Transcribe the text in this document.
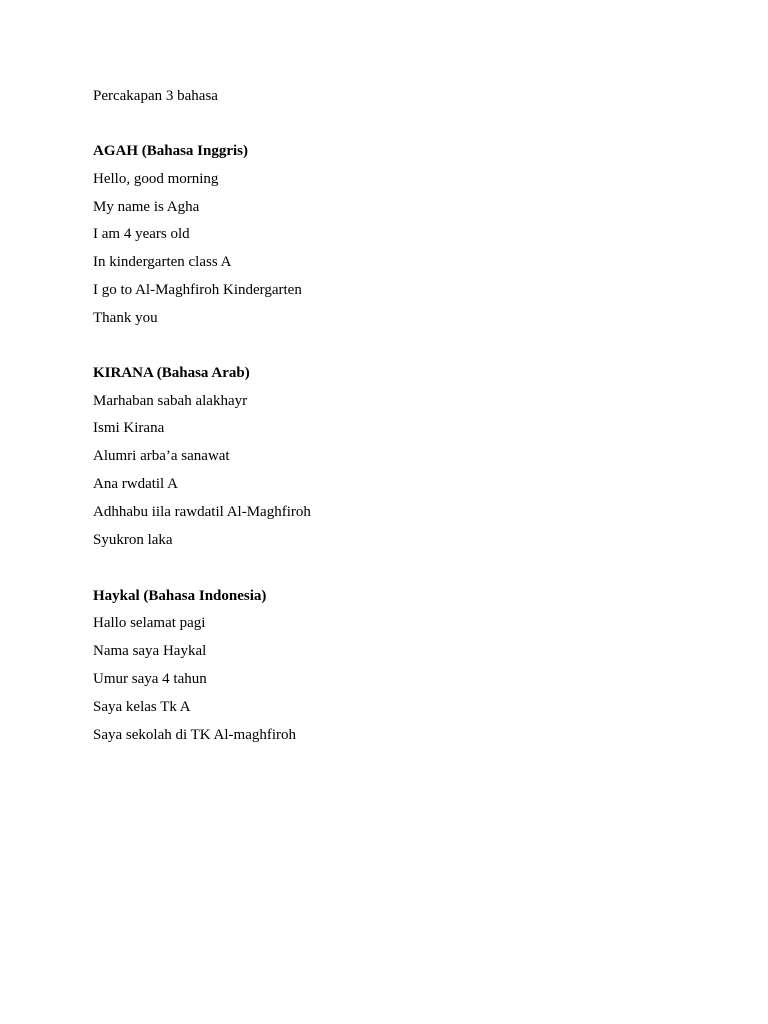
Percakapan 3 bahasa
AGAH (Bahasa Inggris)
Hello, good morning
My name is Agha
I am 4 years old
In kindergarten class A
I go to Al-Maghfiroh Kindergarten
Thank you
KIRANA (Bahasa Arab)
Marhaban sabah alakhayr
Ismi Kirana
Alumri arba’a sanawat
Ana rwdatil A
Adhhabu iila rawdatil Al-Maghfiroh
Syukron laka
Haykal (Bahasa Indonesia)
Hallo selamat pagi
Nama saya Haykal
Umur saya 4 tahun
Saya kelas Tk A
Saya sekolah di TK Al-maghfiroh
